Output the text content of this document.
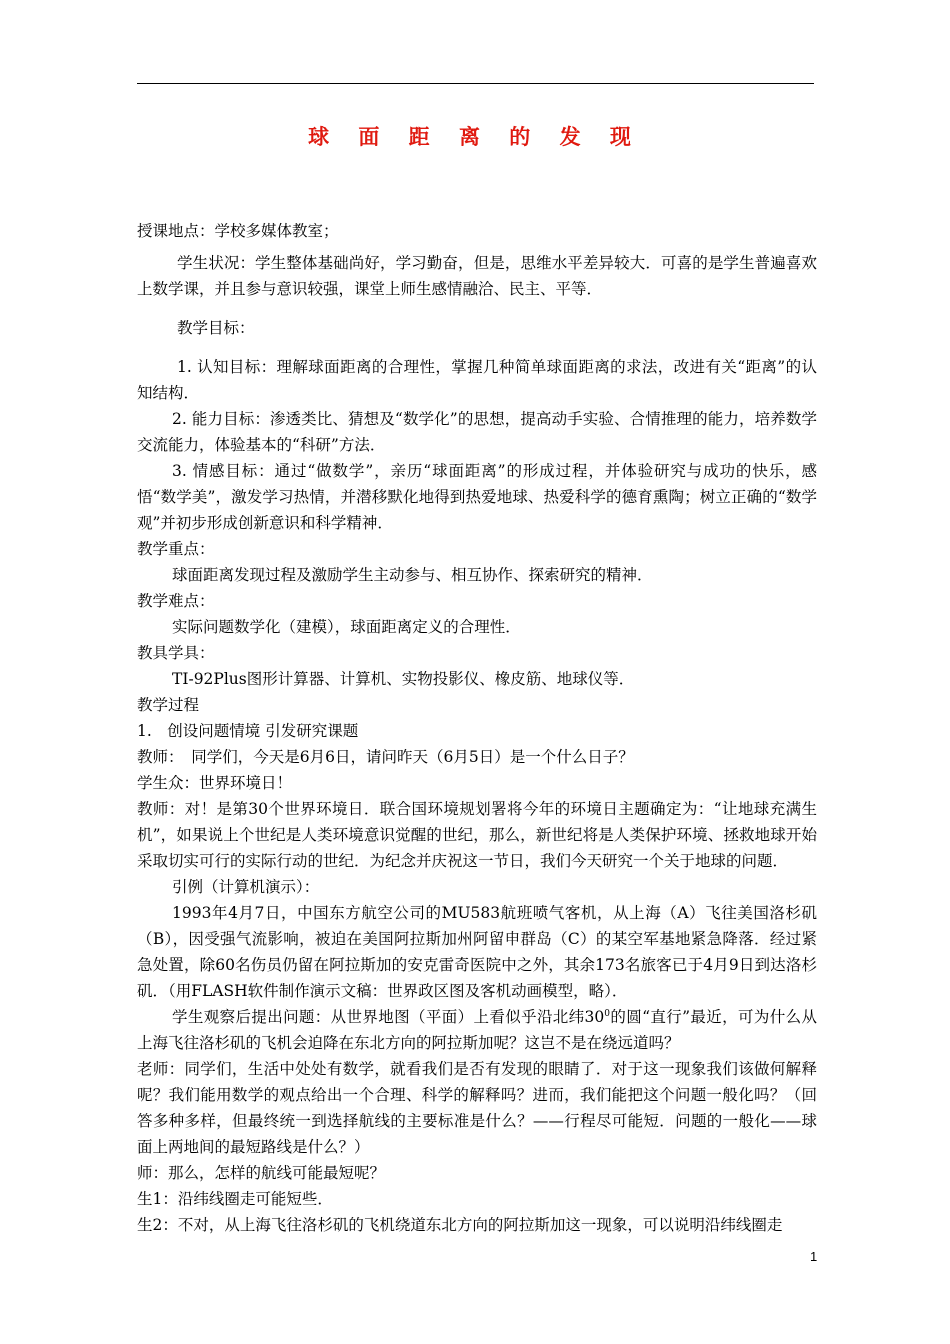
球 面 距 离 的 发 现

授课地点：学校多媒体教室；

学生状况：学生整体基础尚好，学习勤奋，但是，思维水平差异较大．可喜的是学生普遍喜欢上数学课，并且参与意识较强，课堂上师生感情融洽、民主、平等．

教学目标：

1. 认知目标：理解球面距离的合理性，掌握几种简单球面距离的求法，改进有关“距离”的认知结构．

2. 能力目标：渗透类比、猜想及“数学化”的思想，提高动手实验、合情推理的能力，培养数学交流能力，体验基本的“科研”方法．

3. 情感目标：通过“做数学”，亲历“球面距离”的形成过程，并体验研究与成功的快乐，感悟“数学美”，激发学习热情，并潜移默化地得到热爱地球、热爱科学的德育熏陶；树立正确的“数学观”并初步形成创新意识和科学精神．

教学重点：

球面距离发现过程及激励学生主动参与、相互协作、探索研究的精神．

教学难点：

实际问题数学化（建模），球面距离定义的合理性．

教具学具：

TI-92Plus图形计算器、计算机、实物投影仪、橡皮筋、地球仪等．

教学过程

1.　创设问题情境 引发研究课题

教师：　同学们，今天是6月6日，请问昨天（6月5日）是一个什么日子？

学生众：世界环境日！

教师：对！是第30个世界环境日．联合国环境规划署将今年的环境日主题确定为：“让地球充满生机”，如果说上个世纪是人类环境意识觉醒的世纪，那么，新世纪将是人类保护环境、拯救地球开始采取切实可行的实际行动的世纪．为纪念并庆祝这一节日，我们今天研究一个关于地球的问题．

引例（计算机演示）：

1993年4月7日，中国东方航空公司的MU583航班喷气客机，从上海（A）飞往美国洛杉矶（B），因受强气流影响，被迫在美国阿拉斯加州阿留申群岛（C）的某空军基地紧急降落．经过紧急处置，除60名伤员仍留在阿拉斯加的安克雷奇医院中之外，其余173名旅客已于4月9日到达洛杉矶．（用FLASH软件制作演示文稿：世界政区图及客机动画模型，略）．

学生观察后提出问题：从世界地图（平面）上看似乎沿北纬$30^0$的圆“直行”最近，可为什么从上海飞往洛杉矶的飞机会迫降在东北方向的阿拉斯加呢？这岂不是在绕远道吗？

老师：同学们，生活中处处有数学，就看我们是否有发现的眼睛了．对于这一现象我们该做何解释呢？我们能用数学的观点给出一个合理、科学的解释吗？进而，我们能把这个问题一般化吗？（回答多种多样，但最终统一到选择航线的主要标准是什么？——行程尽可能短．问题的一般化——球面上两地间的最短路线是什么？）

师：那么，怎样的航线可能最短呢？

生1：沿纬线圈走可能短些．

生2：不对，从上海飞往洛杉矶的飞机绕道东北方向的阿拉斯加这一现象，可以说明沿纬线圈走

1
